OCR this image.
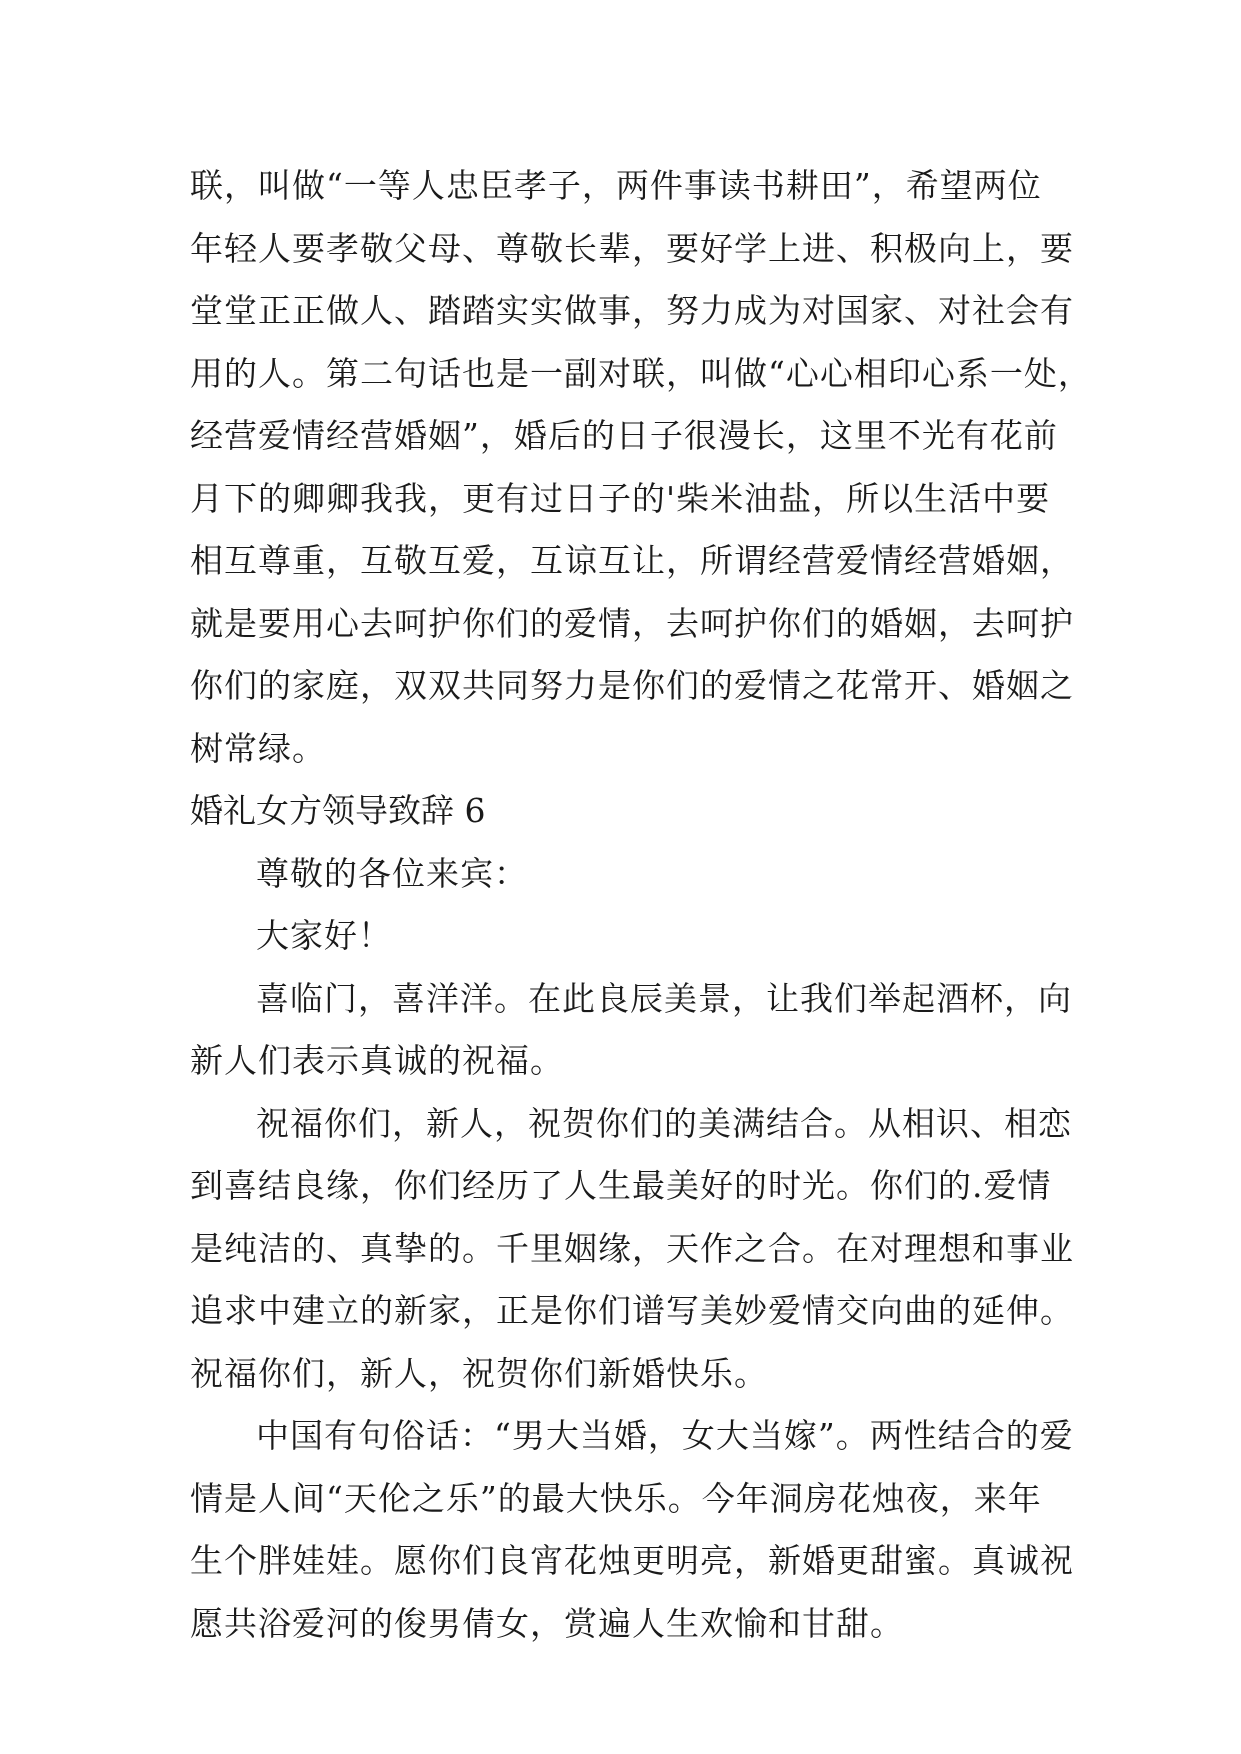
联，叫做“一等人忠臣孝子，两件事读书耕田”，希望两位
年轻人要孝敬父母、尊敬长辈，要好学上进、积极向上，要
堂堂正正做人、踏踏实实做事，努力成为对国家、对社会有
用的人。第二句话也是一副对联，叫做“心心相印心系一处，
经营爱情经营婚姻”，婚后的日子很漫长，这里不光有花前
月下的卿卿我我，更有过日子的'柴米油盐，所以生活中要
相互尊重，互敬互爱，互谅互让，所谓经营爱情经营婚姻，
就是要用心去呵护你们的爱情，去呵护你们的婚姻，去呵护
你们的家庭，双双共同努力是你们的爱情之花常开、婚姻之
树常绿。
婚礼女方领导致辞 6
尊敬的各位来宾：
大家好！
喜临门，喜洋洋。在此良辰美景，让我们举起酒杯，向
新人们表示真诚的祝福。
祝福你们，新人，祝贺你们的美满结合。从相识、相恋
到喜结良缘，你们经历了人生最美好的时光。你们的.爱情
是纯洁的、真挚的。千里姻缘，天作之合。在对理想和事业
追求中建立的新家，正是你们谱写美妙爱情交向曲的延伸。
祝福你们，新人，祝贺你们新婚快乐。
中国有句俗话：“男大当婚，女大当嫁”。两性结合的爱
情是人间“天伦之乐”的最大快乐。今年洞房花烛夜，来年
生个胖娃娃。愿你们良宵花烛更明亮，新婚更甜蜜。真诚祝
愿共浴爱河的俊男倩女，赏遍人生欢愉和甘甜。
